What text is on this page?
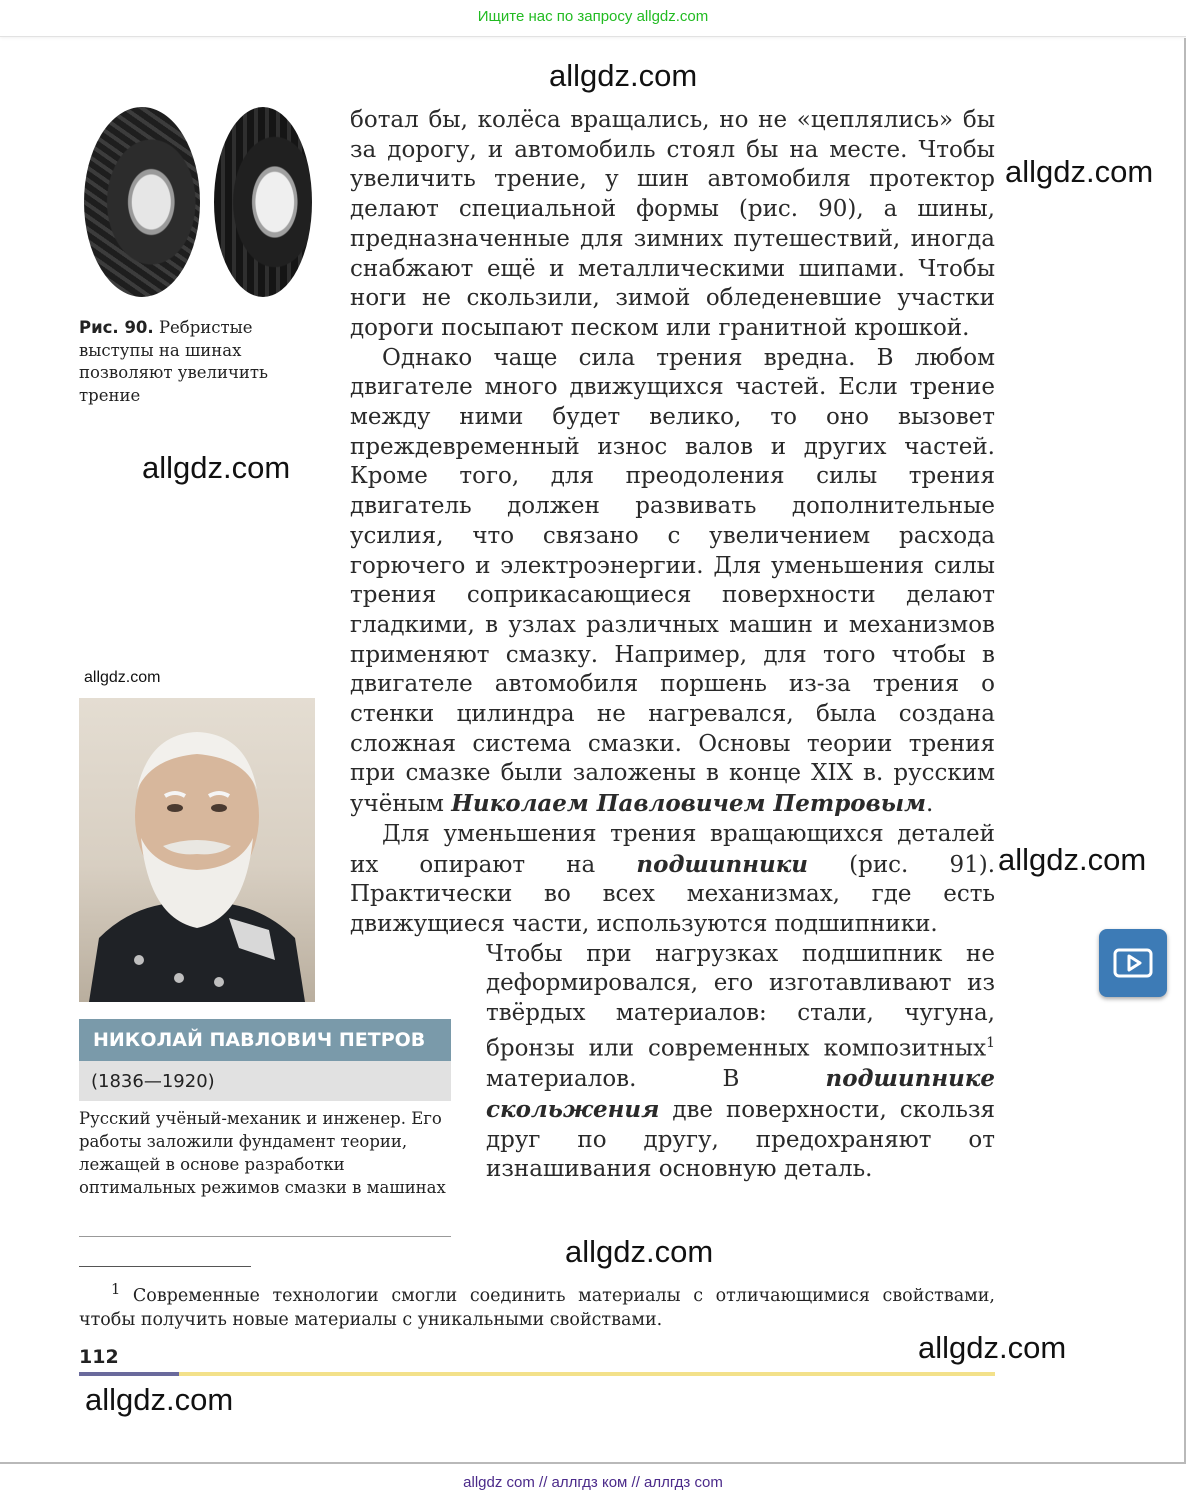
Ищите нас по запросу allgdz.com
Рис. 90. Ребристые выступы на шинах позволяют увеличить трение

ботал бы, колёса вращались, но не «цеплялись» бы за дорогу, и автомобиль стоял бы на месте. Чтобы увеличить трение, у шин автомобиля протектор делают специальной формы (рис. 90), а шины, предназначенные для зимних путешествий, иногда снабжают ещё и металлическими шипами. Чтобы ноги не скользили, зимой обледеневшие участки дороги посыпают песком или гранитной крошкой.

Однако чаще сила трения вредна. В любом двигателе много движущихся частей. Если трение между ними будет велико, то оно вызовет преждевременный износ валов и других частей. Кроме того, для преодоления силы трения двигатель должен развивать дополнительные усилия, что связано с увеличением расхода горючего и электроэнергии. Для уменьшения силы трения соприкасающиеся поверхности делают гладкими, в узлах различных машин и механизмов применяют смазку. Например, для того чтобы в двигателе автомобиля поршень из-за трения о стенки цилиндра не нагревался, была создана сложная система смазки. Основы теории трения при смазке были заложены в конце XIX в. русским учёным Николаем Павловичем Петровым.

Для уменьшения трения вращающихся деталей их опирают на подшипники (рис. 91). Практически во всех механизмах, где есть движущиеся части, используются подшипники.

Чтобы при нагрузках подшипник не деформировался, его изготавливают из твёрдых материалов: стали, чугуна, бронзы или современных композитных$^1$ материалов. В	подшипнике скольжения две поверхности, скользя друг по другу, предохраняют от изнашивания основную деталь.

НИКОЛАЙ ПАВЛОВИЧ ПЕТРОВ
(1836—1920)
Русский учёный-механик и инженер. Его работы заложили фундамент теории, лежащей в основе разработки оптимальных режимов смазки в машинах

$^1$ Современные технологии смогли соединить материалы с отличающимися свойствами, чтобы получить новые материалы с уникальными свойствами.

112
allgdz.com
allgdz.com
allgdz.com
allgdz.com
allgdz.com
allgdz.com
allgdz.com
allgdz.com
allgdz com // аллгдз ком // аллгдз com
